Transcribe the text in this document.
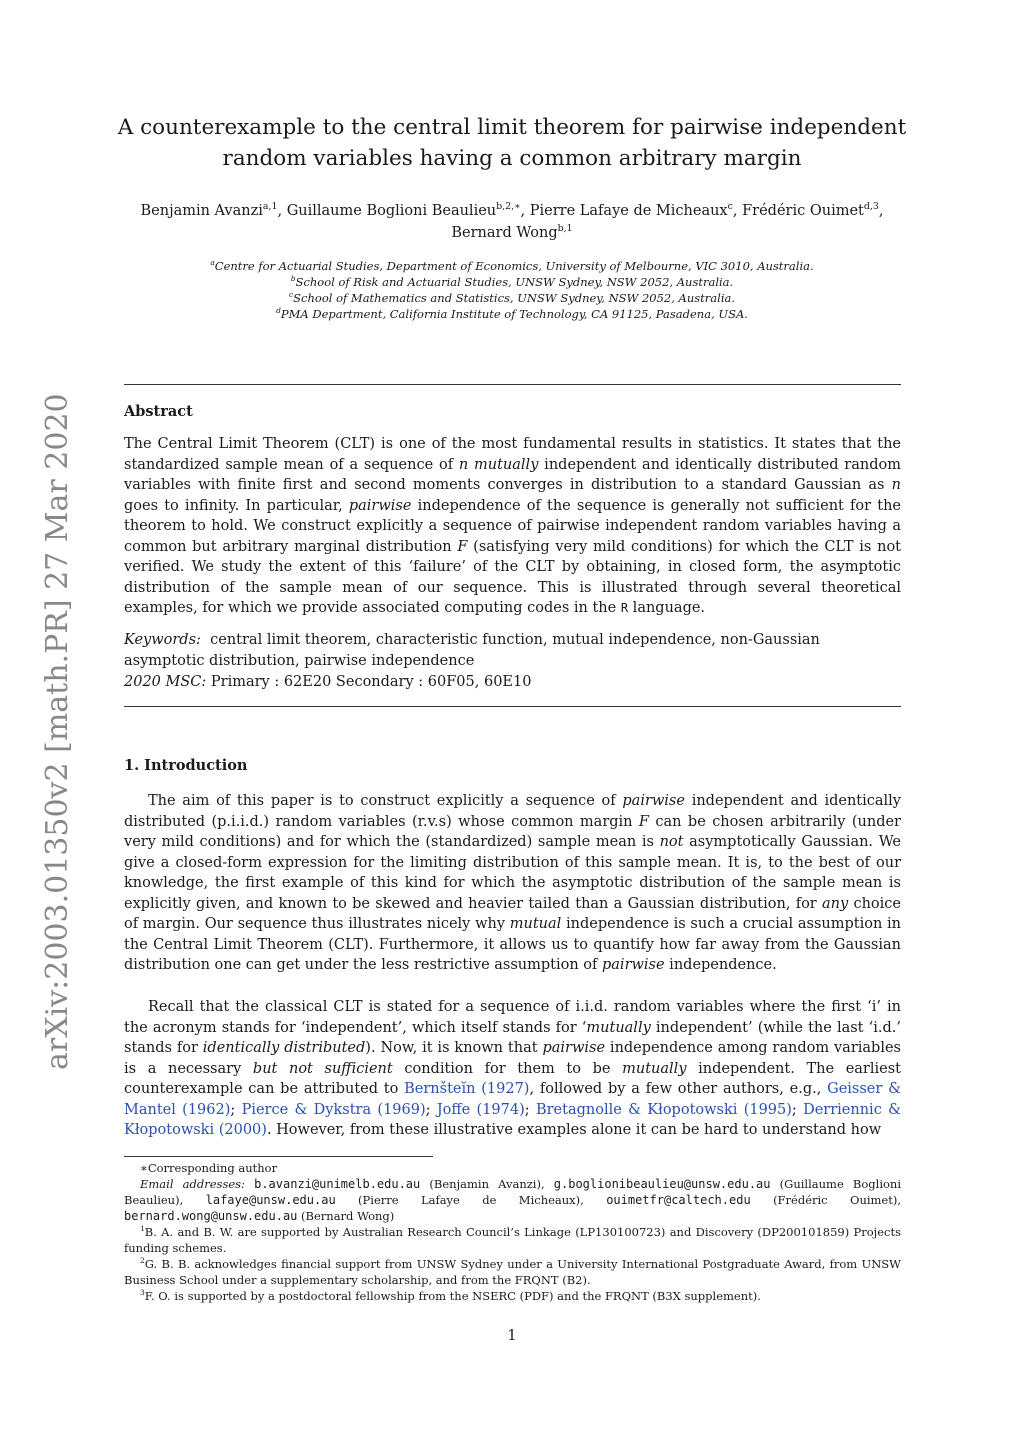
arXiv:2003.01350v2 [math.PR] 27 Mar 2020
A counterexample to the central limit theorem for pairwise independent
random variables having a common arbitrary margin
Benjamin Avanzi$^{a,1}$, Guillaume Boglioni Beaulieu$^{b,2,∗}$, Pierre Lafaye de Micheaux$^c$, Frédéric Ouimet$^{d,3}$,
Bernard Wong$^{b,1}$
$^a$Centre for Actuarial Studies, Department of Economics, University of Melbourne, VIC 3010, Australia.
$^b$School of Risk and Actuarial Studies, UNSW Sydney, NSW 2052, Australia.
$^c$School of Mathematics and Statistics, UNSW Sydney, NSW 2052, Australia.
$^d$PMA Department, California Institute of Technology, CA 91125, Pasadena, USA.
Abstract
The Central Limit Theorem (CLT) is one of the most fundamental results in statistics. It states that the standardized sample mean of a sequence of n mutually independent and identically distributed random variables with finite first and second moments converges in distribution to a standard Gaussian as n goes to infinity. In particular, pairwise independence of the sequence is generally not sufficient for the theorem to hold. We construct explicitly a sequence of pairwise independent random variables having a common but arbitrary marginal distribution F (satisfying very mild conditions) for which the CLT is not verified. We study the extent of this ‘failure’ of the CLT by obtaining, in closed form, the asymptotic distribution of the sample mean of our sequence. This is illustrated through several theoretical examples, for which we provide associated computing codes in the R language.
Keywords: central limit theorem, characteristic function, mutual independence, non-Gaussian asymptotic distribution, pairwise independence
2020 MSC: Primary : 62E20 Secondary : 60F05, 60E10
1. Introduction
The aim of this paper is to construct explicitly a sequence of pairwise independent and identically distributed (p.i.i.d.) random variables (r.v.s) whose common margin F can be chosen arbitrarily (under very mild conditions) and for which the (standardized) sample mean is not asymptotically Gaussian. We give a closed-form expression for the limiting distribution of this sample mean. It is, to the best of our knowledge, the first example of this kind for which the asymptotic distribution of the sample mean is explicitly given, and known to be skewed and heavier tailed than a Gaussian distribution, for any choice of margin. Our sequence thus illustrates nicely why mutual independence is such a crucial assumption in the Central Limit Theorem (CLT). Furthermore, it allows us to quantify how far away from the Gaussian distribution one can get under the less restrictive assumption of pairwise independence.
Recall that the classical CLT is stated for a sequence of i.i.d. random variables where the first ‘i’ in the acronym stands for ‘independent’, which itself stands for ‘mutually independent’ (while the last ‘i.d.’ stands for identically distributed). Now, it is known that pairwise independence among random variables is a necessary but not sufficient condition for them to be mutually independent. The earliest counterexample can be attributed to Bernšteĭn (1927), followed by a few other authors, e.g., Geisser & Mantel (1962); Pierce & Dykstra (1969); Joffe (1974); Bretagnolle & Kłopotowski (1995); Derriennic & Kłopotowski (2000). However, from these illustrative examples alone it can be hard to understand how

∗Corresponding author

Email addresses: b.avanzi@unimelb.edu.au (Benjamin Avanzi), g.boglionibeaulieu@unsw.edu.au (Guillaume Boglioni Beaulieu), lafaye@unsw.edu.au (Pierre Lafaye de Micheaux), ouimetfr@caltech.edu (Frédéric Ouimet), bernard.wong@unsw.edu.au (Bernard Wong)

$^1$B. A. and B. W. are supported by Australian Research Council’s Linkage (LP130100723) and Discovery (DP200101859) Projects funding schemes.

$^2$G. B. B. acknowledges financial support from UNSW Sydney under a University International Postgraduate Award, from UNSW Business School under a supplementary scholarship, and from the FRQNT (B2).

$^3$F. O. is supported by a postdoctoral fellowship from the NSERC (PDF) and the FRQNT (B3X supplement).

1
